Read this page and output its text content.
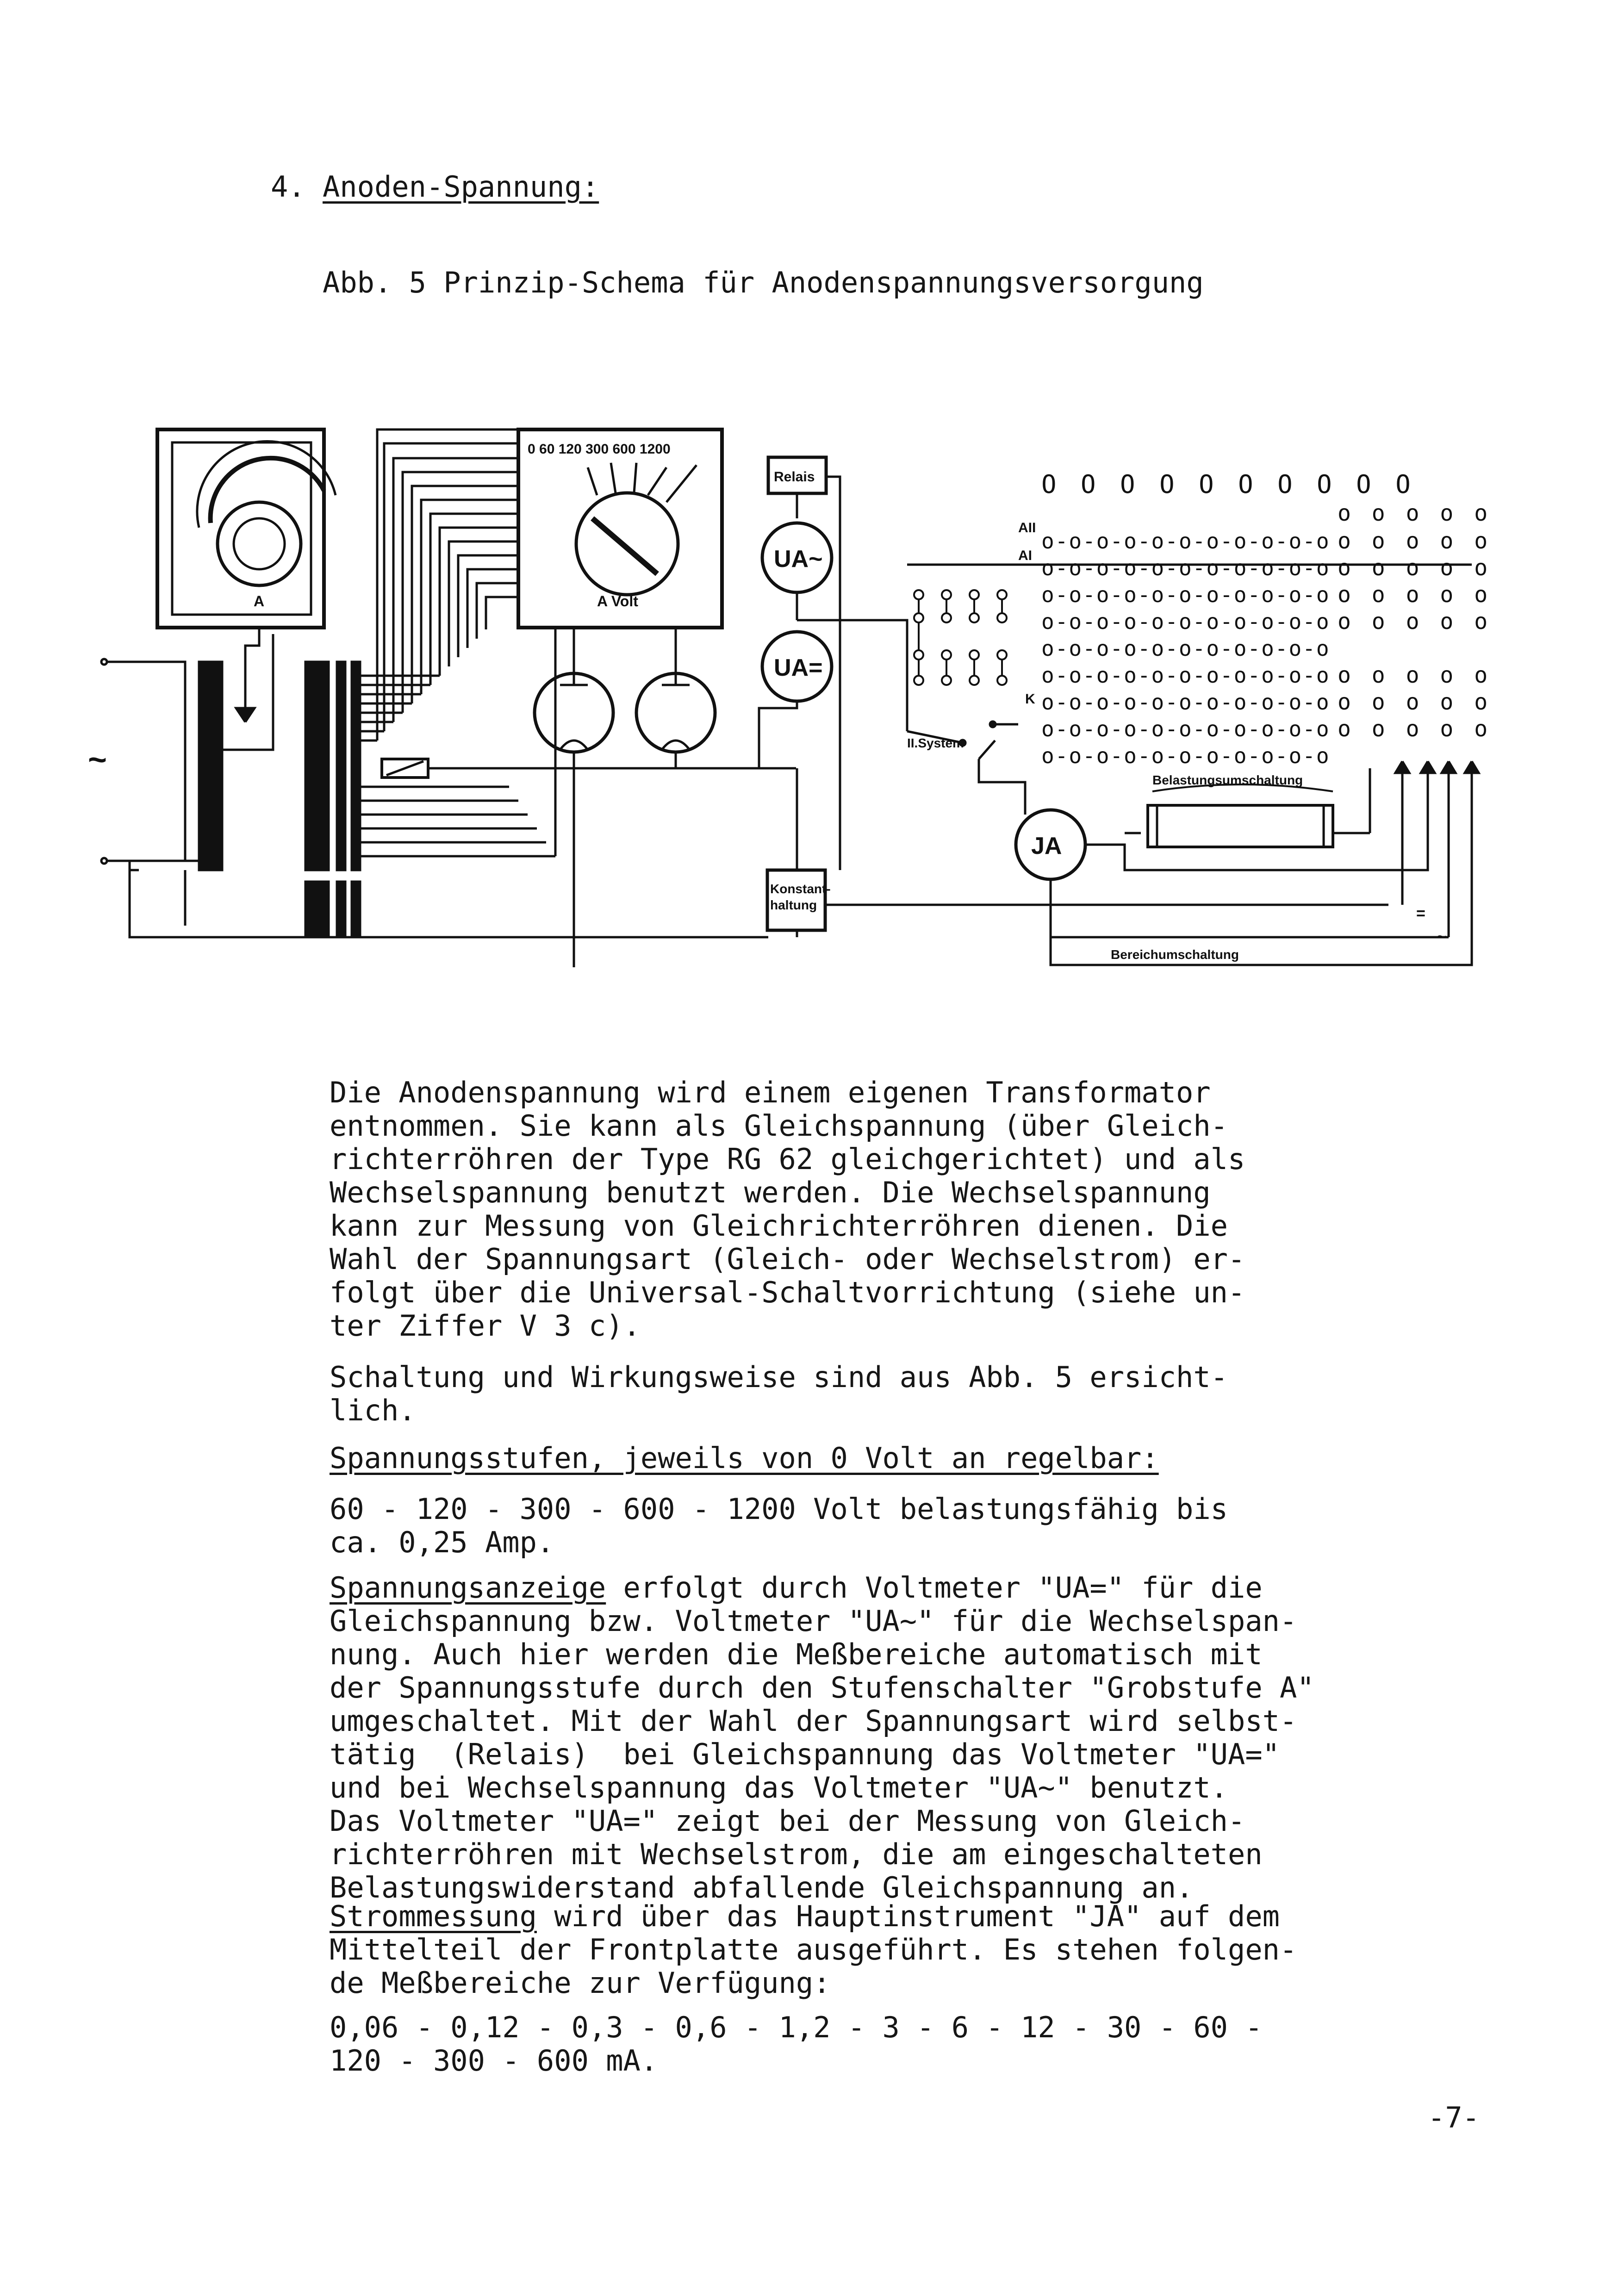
4. Anoden-Spannung:
Abb. 5 Prinzip-Schema für Anodenspannungsversorgung
O O O O O O O O O O
o o o o o
o-o-o-o-o-o-o-o-o-o-o o o o o o
o-o-o-o-o-o-o-o-o-o-o o o o o o
o-o-o-o-o-o-o-o-o-o-o o o o o o
o-o-o-o-o-o-o-o-o-o-o o o o o o
o-o-o-o-o-o-o-o-o-o-o
o-o-o-o-o-o-o-o-o-o-o o o o o o
o-o-o-o-o-o-o-o-o-o-o o o o o o
o-o-o-o-o-o-o-o-o-o-o o o o o o
o-o-o-o-o-o-o-o-o-o-o
0 60 120 300 600 1200
A	A Volt
Relais
UA~
UA=
JA
Konstant-
haltung
II.System
Belastungsumschaltung
Bereichumschaltung
~
AII
AI
K
=
~

Die Anodenspannung wird einem eigenen Transformator

entnommen. Sie kann als Gleichspannung (über Gleich-

richterröhren der Type RG 62 gleichgerichtet) und als

Wechselspannung benutzt werden. Die Wechselspannung

kann zur Messung von Gleichrichterröhren dienen. Die

Wahl der Spannungsart (Gleich- oder Wechselstrom) er-

folgt über die Universal-Schaltvorrichtung (siehe un-

ter Ziffer V 3 c).

Schaltung und Wirkungsweise sind aus Abb. 5 ersicht-

lich.

Spannungsstufen, jeweils von 0 Volt an regelbar:

60 - 120 - 300 - 600 - 1200 Volt belastungsfähig bis

ca. 0,25 Amp.

Spannungsanzeige erfolgt durch Voltmeter "UA=" für die

Gleichspannung bzw. Voltmeter "UA~" für die Wechselspan-

nung. Auch hier werden die Meßbereiche automatisch mit

der Spannungsstufe durch den Stufenschalter "Grobstufe A"

umgeschaltet. Mit der Wahl der Spannungsart wird selbst-

tätig  (Relais)  bei Gleichspannung das Voltmeter "UA="

und bei Wechselspannung das Voltmeter "UA~" benutzt.

Das Voltmeter "UA=" zeigt bei der Messung von Gleich-

richterröhren mit Wechselstrom, die am eingeschalteten

Belastungswiderstand abfallende Gleichspannung an.

Strommessung wird über das Hauptinstrument "JA" auf dem

Mittelteil der Frontplatte ausgeführt. Es stehen folgen-

de Meßbereiche zur Verfügung:

0,06 - 0,12 - 0,3 - 0,6 - 1,2 - 3 - 6 - 12 - 30 - 60 -

120 - 300 - 600 mA.

-7-
